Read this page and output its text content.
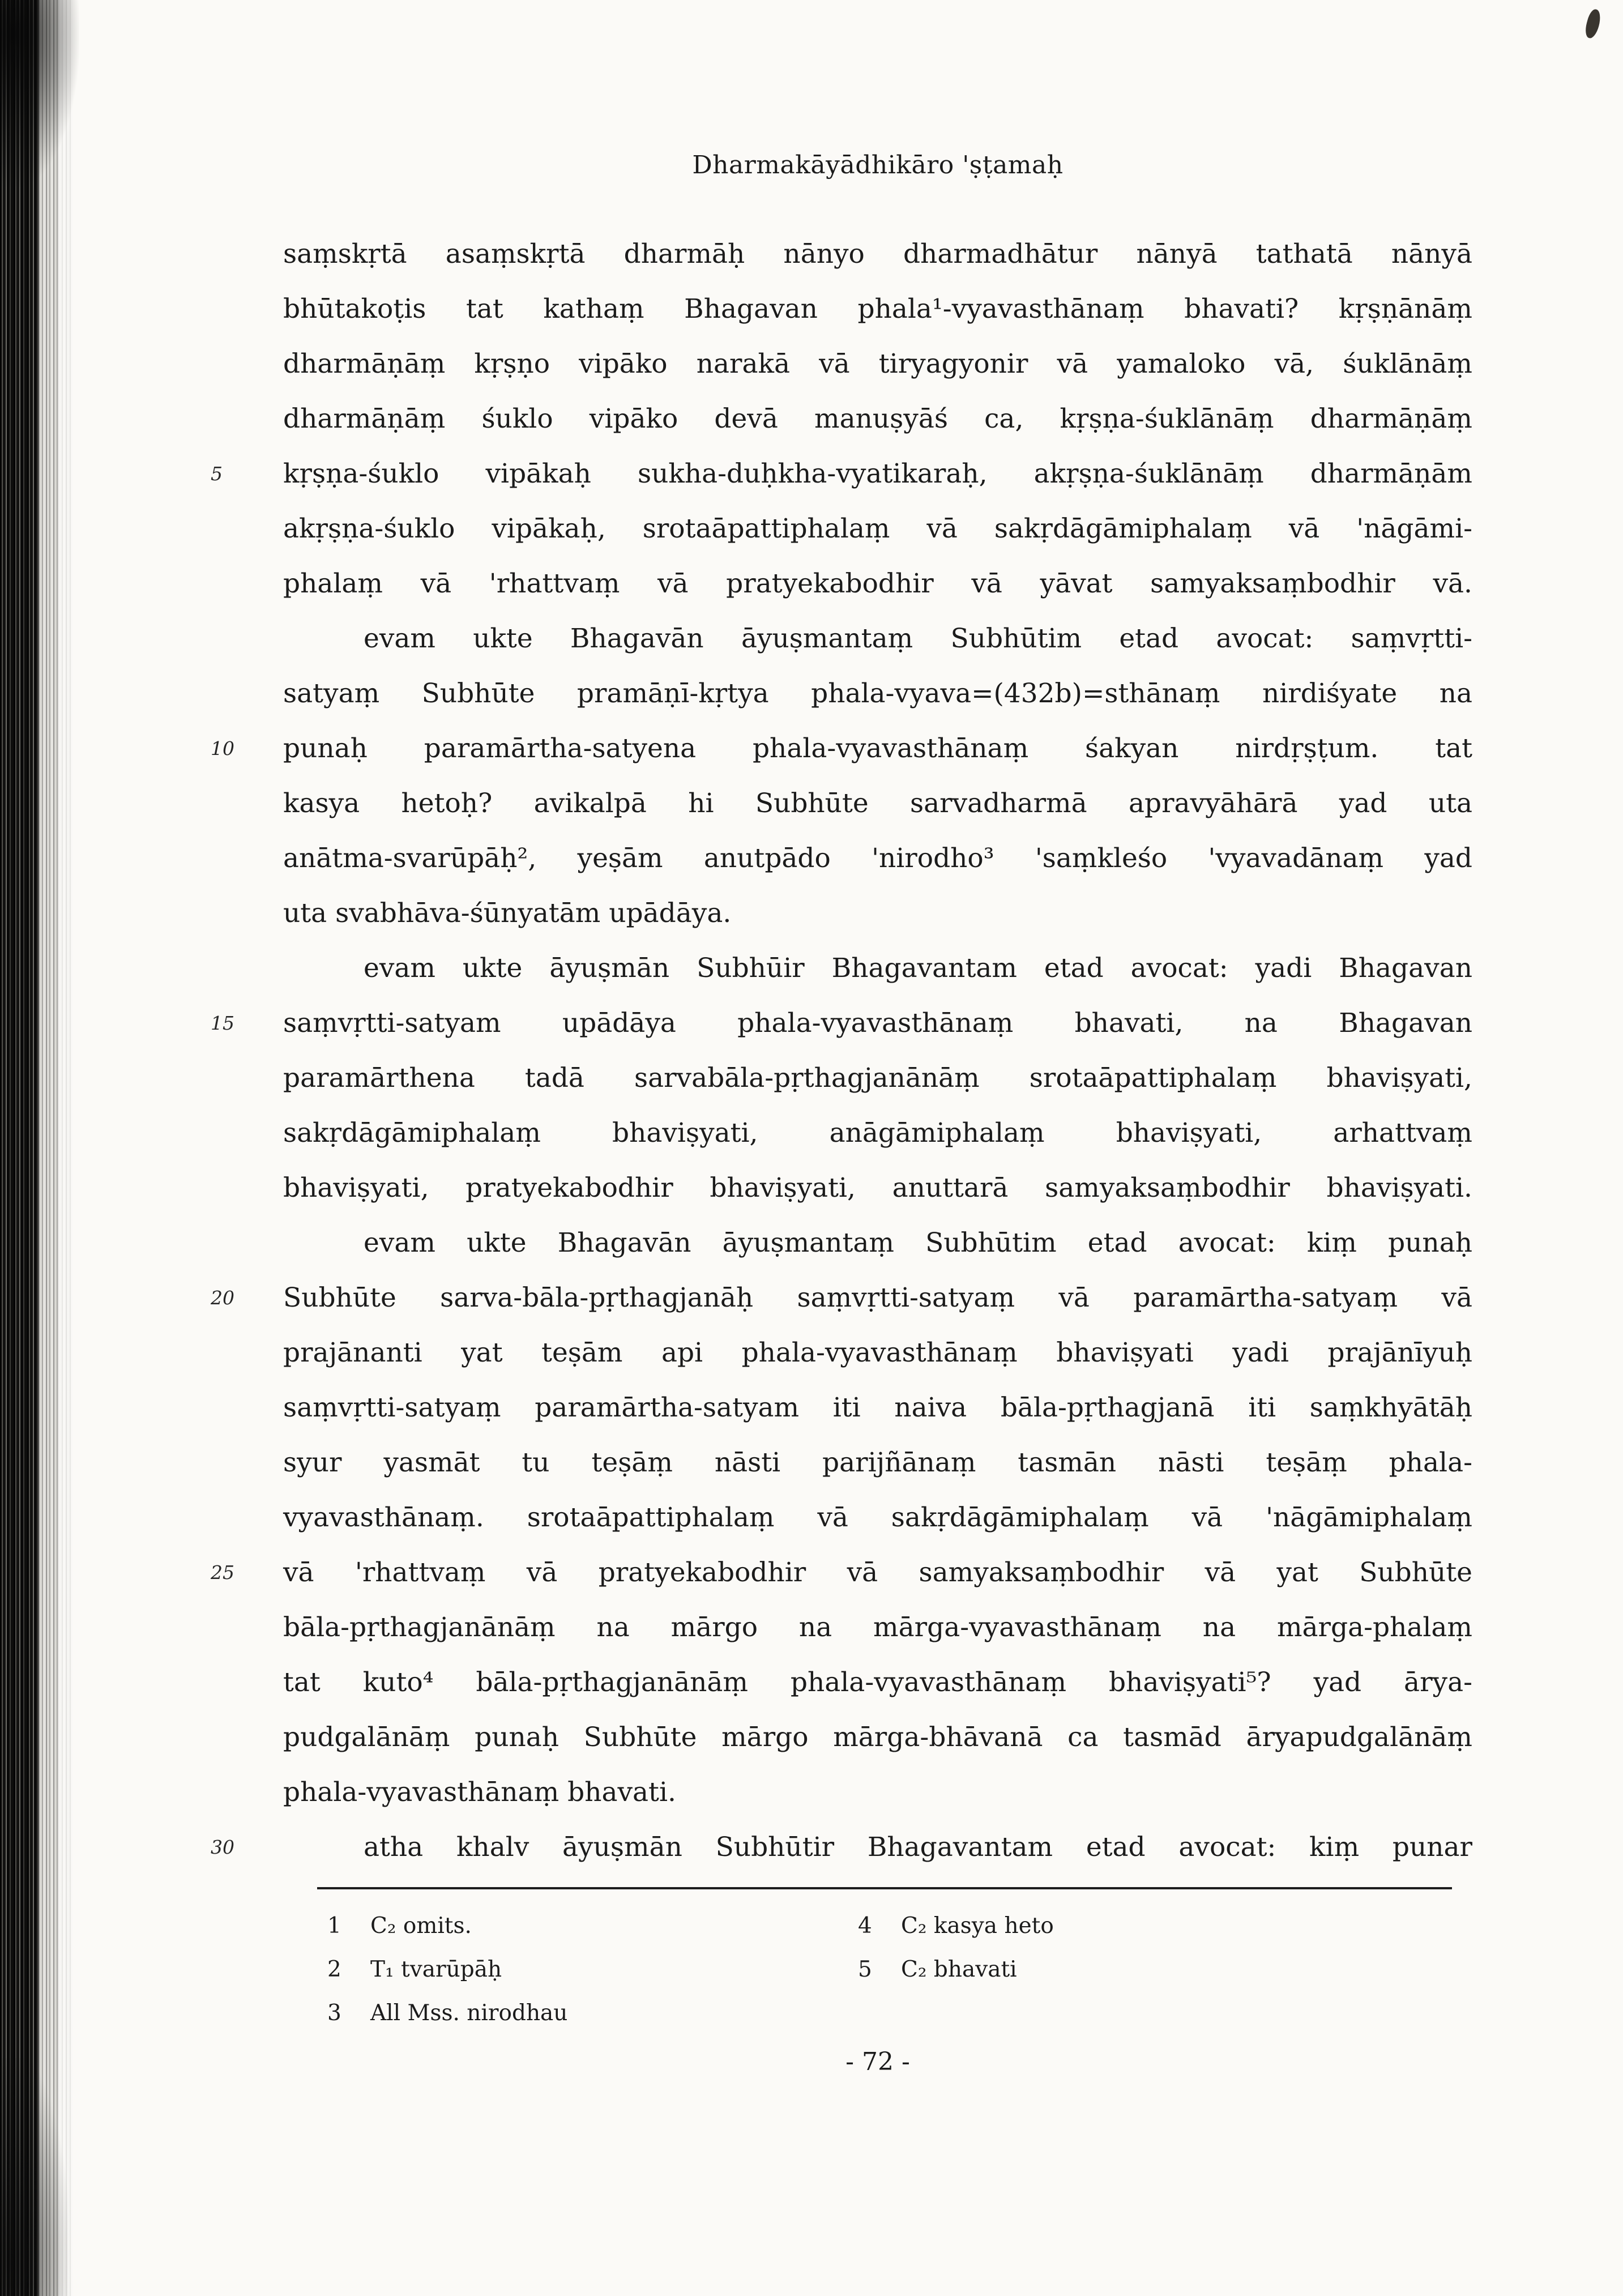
Dharmakāyādhikāro 'ṣṭamaḥ
saṃskṛtā asaṃskṛtā dharmāḥ nānyo dharmadhātur nānyā tathatā nānyā
bhūtakoṭis tat kathaṃ Bhagavan phala¹-vyavasthānaṃ bhavati? kṛṣṇānāṃ
dharmāṇāṃ kṛṣṇo vipāko narakā vā tiryagyonir vā yamaloko vā, śuklānāṃ
dharmāṇāṃ śuklo vipāko devā manuṣyāś ca, kṛṣṇa-śuklānāṃ dharmāṇāṃ
5	kṛṣṇa-śuklo vipākaḥ sukha-duḥkha-vyatikaraḥ, akṛṣṇa-śuklānāṃ dharmāṇām
akṛṣṇa-śuklo vipākaḥ, srotaāpattiphalaṃ vā sakṛdāgāmiphalaṃ vā 'nāgāmi-
phalaṃ vā 'rhattvaṃ vā pratyekabodhir vā yāvat samyaksaṃbodhir vā.
evam ukte Bhagavān āyuṣmantaṃ Subhūtim etad avocat: saṃvṛtti-
satyaṃ Subhūte pramāṇī-kṛtya phala-vyava=(432b)=sthānaṃ nirdiśyate na
10	punaḥ paramārtha-satyena phala-vyavasthānaṃ śakyan nirdṛṣṭum. tat
kasya hetoḥ? avikalpā hi Subhūte sarvadharmā apravyāhārā yad uta
anātma-svarūpāḥ², yeṣām anutpādo 'nirodho³ 'saṃkleśo 'vyavadānaṃ yad
uta svabhāva-śūnyatām upādāya.
evam ukte āyuṣmān Subhūir Bhagavantam etad avocat: yadi Bhagavan
15	saṃvṛtti-satyam upādāya phala-vyavasthānaṃ bhavati, na Bhagavan
paramārthena tadā sarvabāla-pṛthagjanānāṃ srotaāpattiphalaṃ bhaviṣyati,
sakṛdāgāmiphalaṃ bhaviṣyati, anāgāmiphalaṃ bhaviṣyati, arhattvaṃ
bhaviṣyati, pratyekabodhir bhaviṣyati, anuttarā samyaksaṃbodhir bhaviṣyati.
evam ukte Bhagavān āyuṣmantaṃ Subhūtim etad avocat: kiṃ punaḥ
20	Subhūte sarva-bāla-pṛthagjanāḥ saṃvṛtti-satyaṃ vā paramārtha-satyaṃ vā
prajānanti yat teṣām api phala-vyavasthānaṃ bhaviṣyati yadi prajānīyuḥ
saṃvṛtti-satyaṃ paramārtha-satyam iti naiva bāla-pṛthagjanā iti saṃkhyātāḥ
syur yasmāt tu teṣāṃ nāsti parijñānaṃ tasmān nāsti teṣāṃ phala-
vyavasthānaṃ. srotaāpattiphalaṃ vā sakṛdāgāmiphalaṃ vā 'nāgāmiphalaṃ
25	vā 'rhattvaṃ vā pratyekabodhir vā samyaksaṃbodhir vā yat Subhūte
bāla-pṛthagjanānāṃ na mārgo na mārga-vyavasthānaṃ na mārga-phalaṃ
tat kuto⁴ bāla-pṛthagjanānāṃ phala-vyavasthānaṃ bhaviṣyati⁵? yad ārya-
pudgalānāṃ punaḥ Subhūte mārgo mārga-bhāvanā ca tasmād āryapudgalānāṃ
phala-vyavasthānaṃ bhavati.
30	atha khalv āyuṣmān Subhūtir Bhagavantam etad avocat: kiṃ punar
1 C₂ omits.
2 T₁ tvarūpāḥ
3 All Mss. nirodhau
4 C₂ kasya heto
5 C₂ bhavati
- 72 -
